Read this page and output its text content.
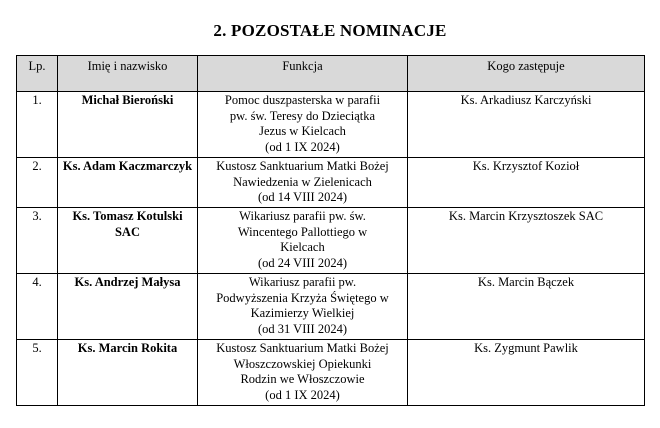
2. POZOSTAŁE NOMINACJE
Lp.	Imię i nazwisko	Funkcja	Kogo zastępuje
1.	Michał Bieroński	Pomoc duszpasterska w parafii
pw. św. Teresy do Dzieciątka
Jezus w Kielcach
(od 1 IX 2024)	Ks. Arkadiusz Karczyński
2.	Ks. Adam Kaczmarczyk	Kustosz Sanktuarium Matki Bożej
Nawiedzenia w Zielenicach
(od 14 VIII 2024)	Ks. Krzysztof Kozioł
3.	Ks. Tomasz Kotulski SAC	Wikariusz parafii pw. św.
Wincentego Pallottiego w
Kielcach
(od 24 VIII 2024)	Ks. Marcin Krzysztoszek SAC
4.	Ks. Andrzej Małysa	Wikariusz parafii pw.
Podwyższenia Krzyża Świętego w
Kazimierzy Wielkiej
(od 31 VIII 2024)	Ks. Marcin Bączek
5.	Ks. Marcin Rokita	Kustosz Sanktuarium Matki Bożej
Włoszczowskiej Opiekunki
Rodzin we Włoszczowie
(od 1 IX 2024)	Ks. Zygmunt Pawlik
